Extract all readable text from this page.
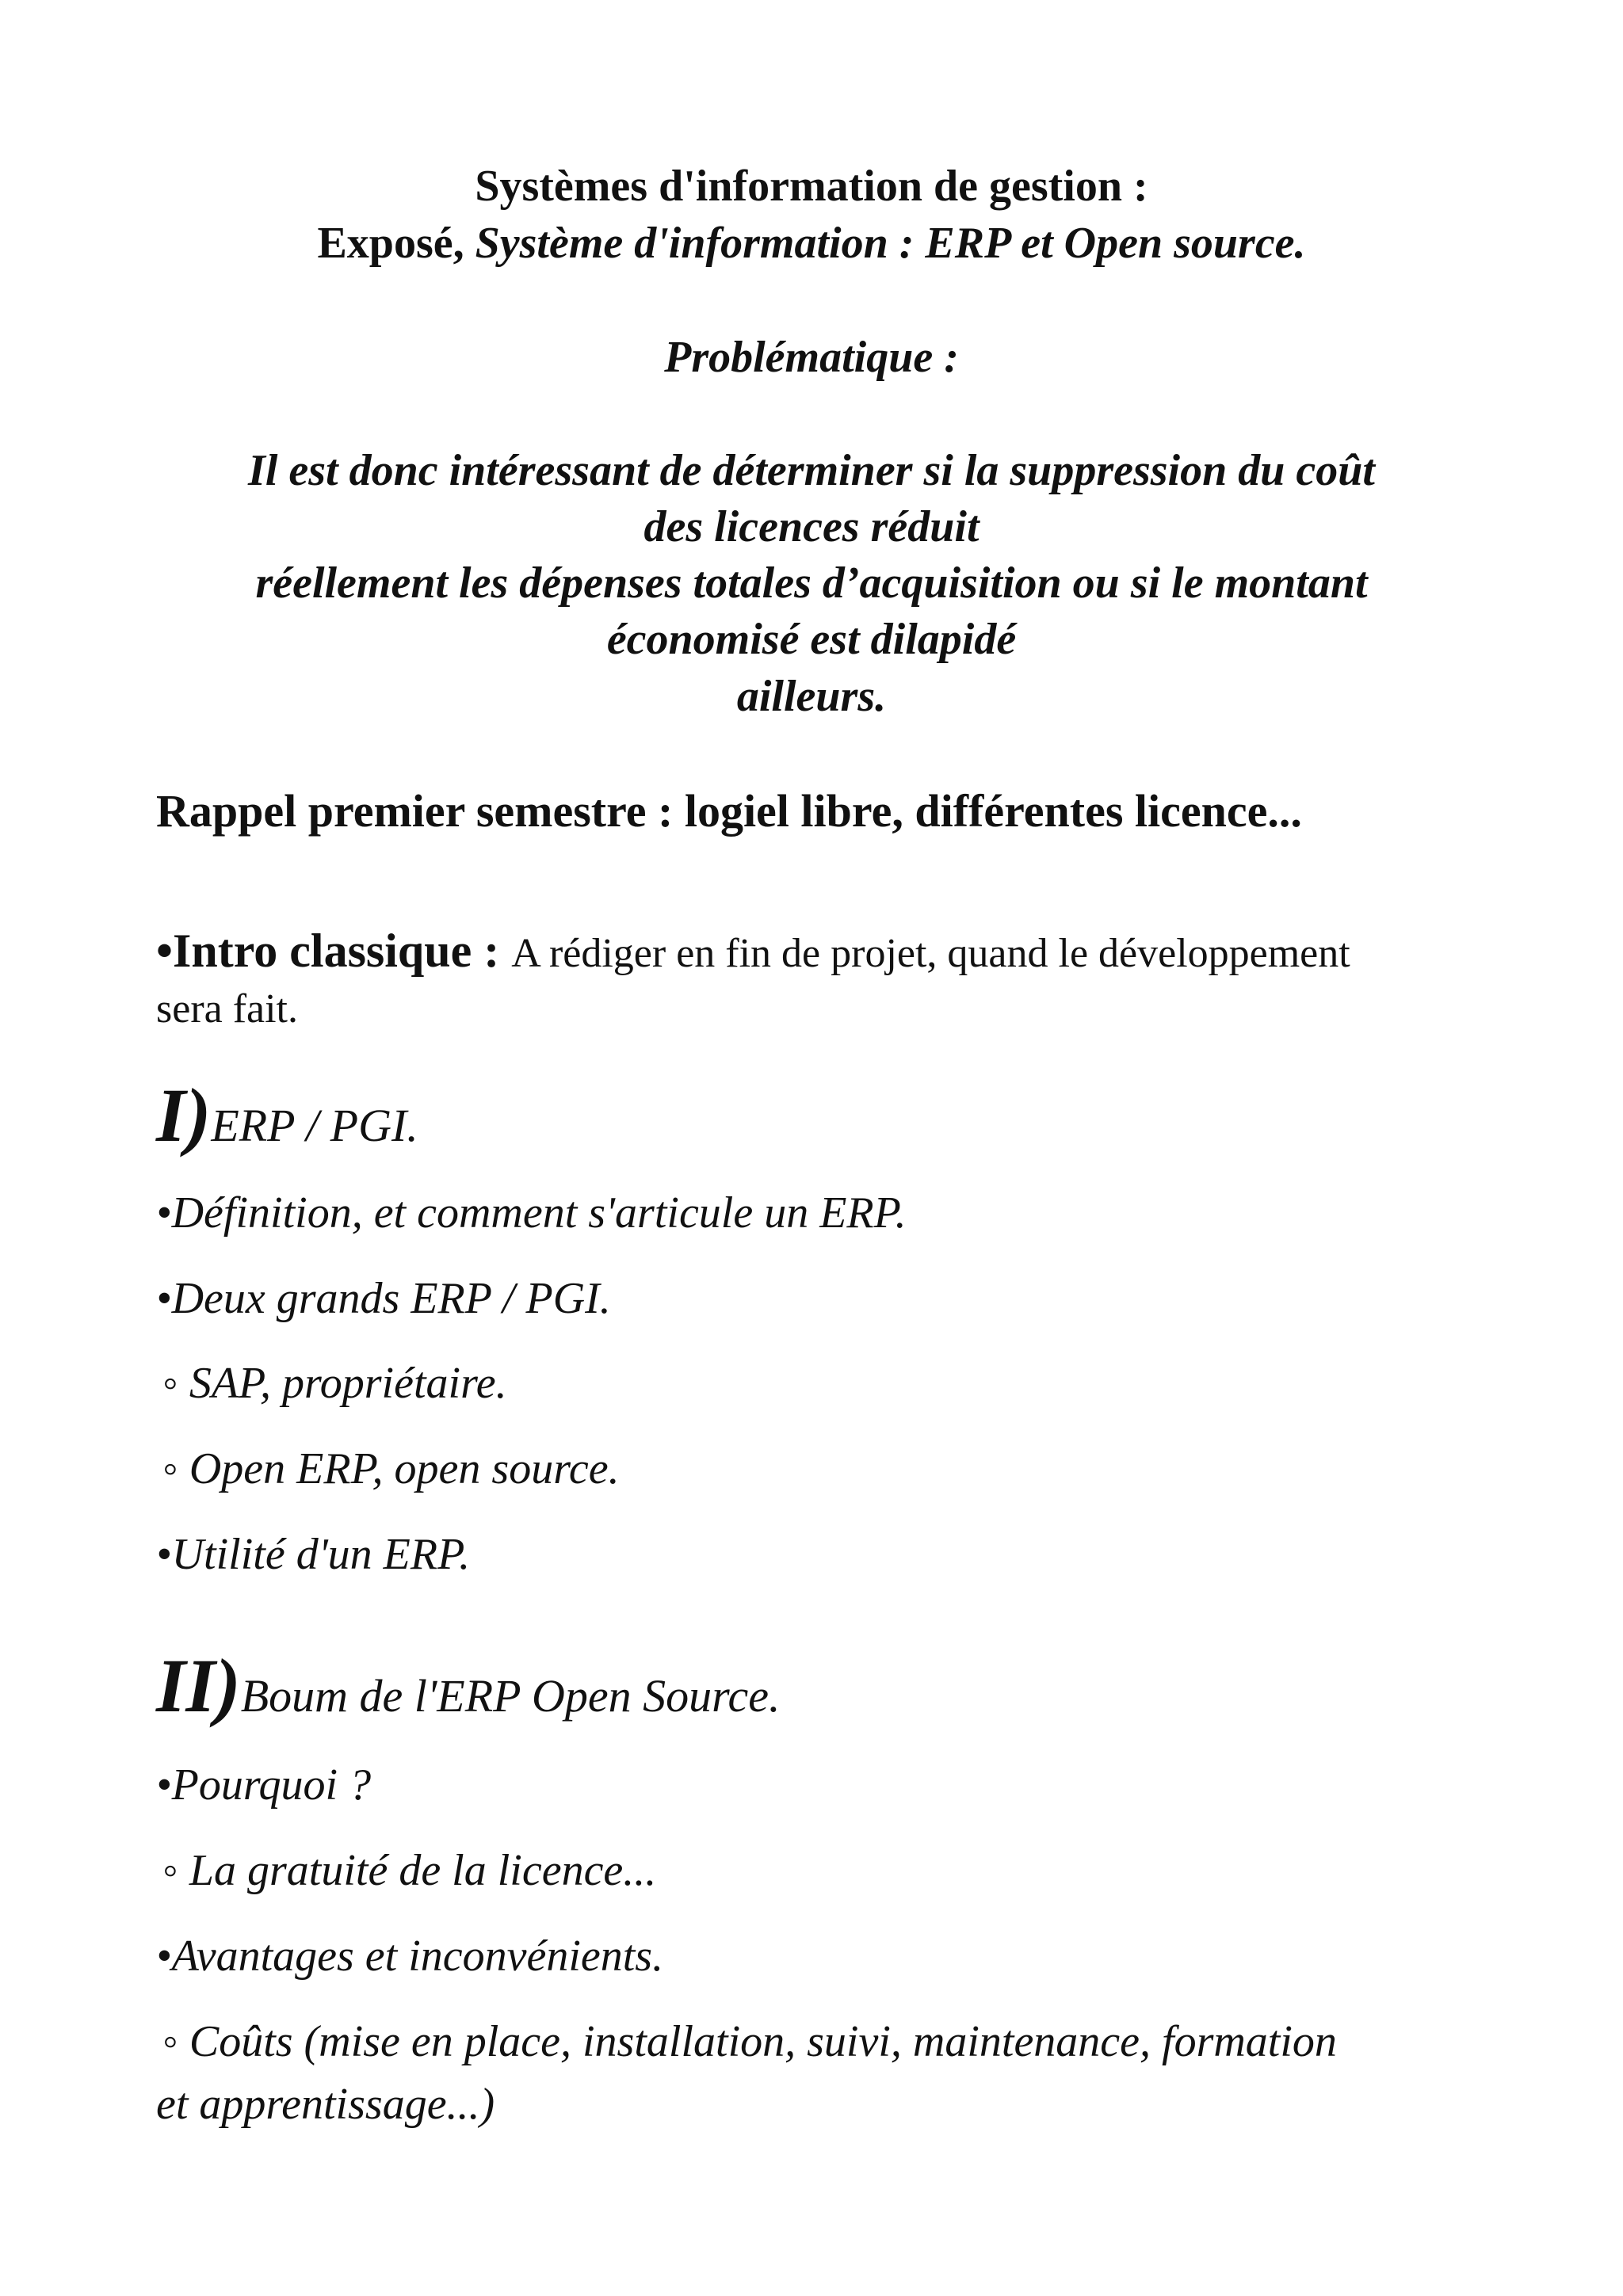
Systèmes d'information de gestion :
Exposé, Système d'information : ERP et Open source.
Problématique :
Il est donc intéressant de déterminer si la suppression du coût
des licences réduit
réellement les dépenses totales d’acquisition ou si le montant
économisé est dilapidé
ailleurs.
Rappel premier semestre : logiel libre, différentes licence...
•Intro classique : A rédiger en fin de projet, quand le développement
sera fait.
I)ERP / PGI.
•Définition, et comment s'articule un ERP.
•Deux grands ERP / PGI.
◦ SAP, propriétaire.
◦ Open ERP, open source.
•Utilité d'un ERP.
II)Boum de l'ERP Open Source.
•Pourquoi ?
◦ La gratuité de la licence...
•Avantages et inconvénients.
◦ Coûts (mise en place, installation, suivi, maintenance, formation
et apprentissage...)
